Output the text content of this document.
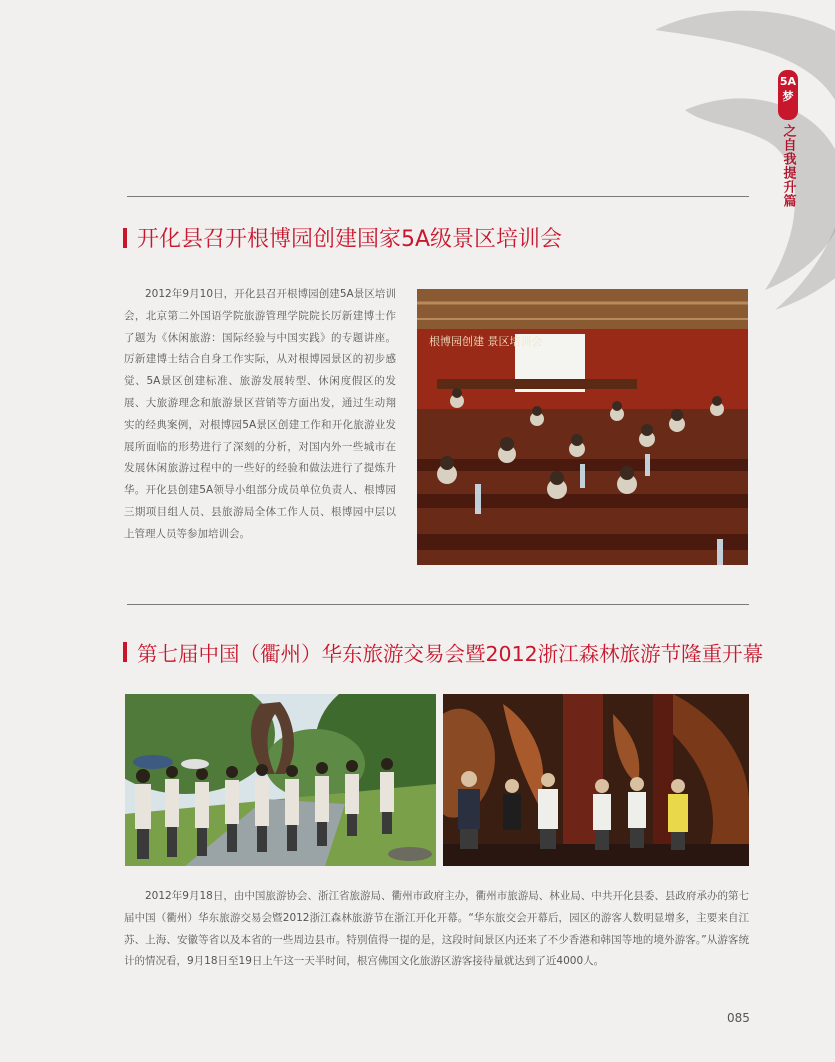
5A梦
之自我提升篇
开化县召开根博园创建国家5A级景区培训会

2012年9月10日，开化县召开根博园创建5A景区培训会，北京第二外国语学院旅游管理学院院长厉新建博士作了题为《休闲旅游：国际经验与中国实践》的专题讲座。厉新建博士结合自身工作实际，从对根博园景区的初步感觉、5A景区创建标准、旅游发展转型、休闲度假区的发展、大旅游理念和旅游景区营销等方面出发，通过生动翔实的经典案例，对根博园5A景区创建工作和开化旅游业发展所面临的形势进行了深刻的分析，对国内外一些城市在发展休闲旅游过程中的一些好的经验和做法进行了提炼升华。开化县创建5A领导小组部分成员单位负责人、根博园三期项目组人员、县旅游局全体工作人员、根博园中层以上管理人员等参加培训会。

根博园创建 景区培训会
第七届中国（衢州）华东旅游交易会暨2012浙江森林旅游节隆重开幕

2012年9月18日，由中国旅游协会、浙江省旅游局、衢州市政府主办，衢州市旅游局、林业局、中共开化县委、县政府承办的第七届中国（衢州）华东旅游交易会暨2012浙江森林旅游节在浙江开化开幕。“华东旅交会开幕后，园区的游客人数明显增多，主要来自江苏、上海、安徽等省以及本省的一些周边县市。特别值得一提的是，这段时间景区内还来了不少香港和韩国等地的境外游客。”从游客统计的情况看，9月18日至19日上午这一天半时间，根宫佛国文化旅游区游客接待量就达到了近4000人。

085
